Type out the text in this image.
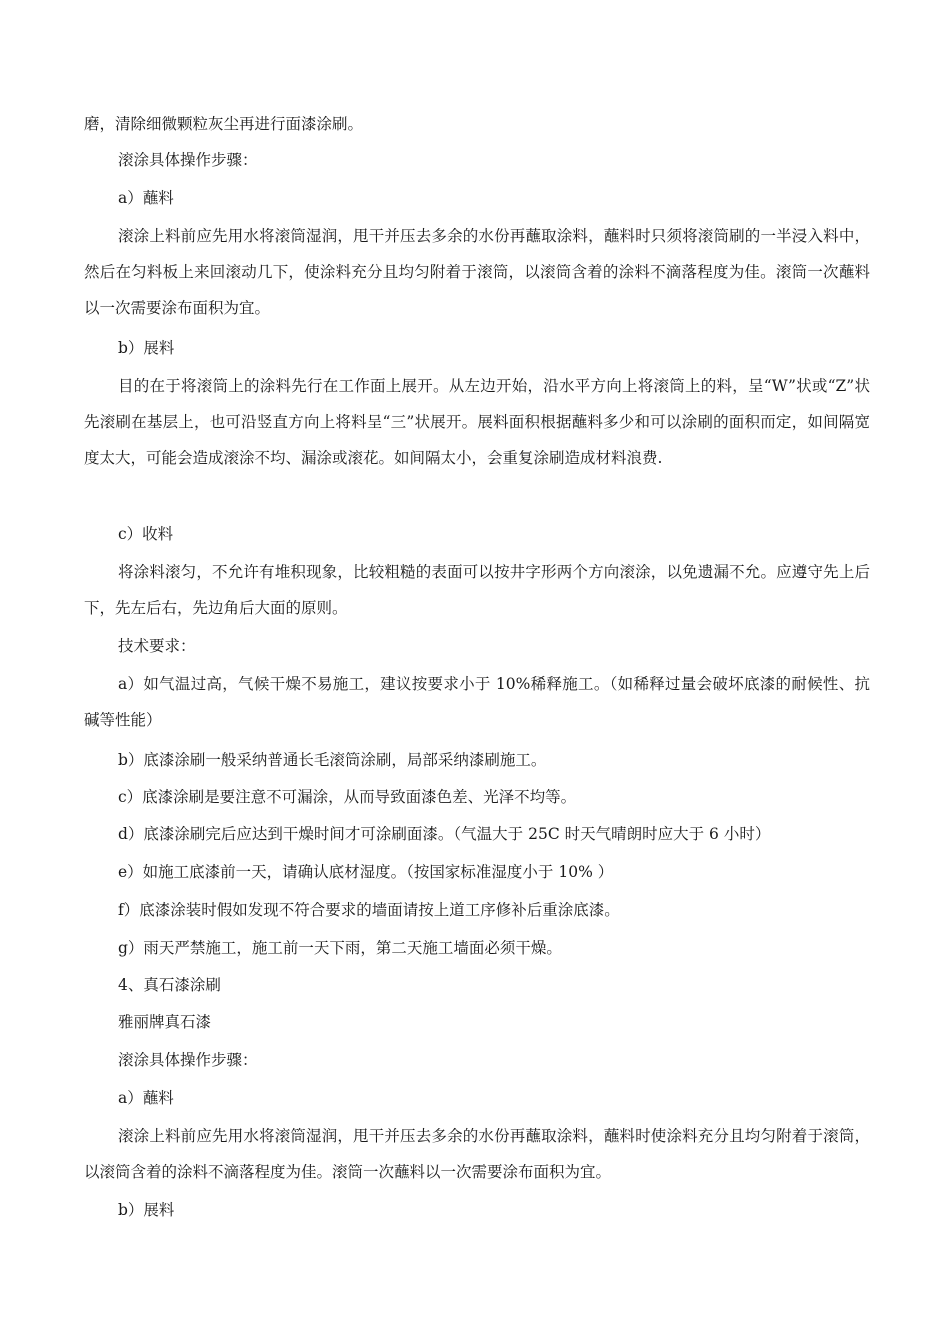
磨，清除细微颗粒灰尘再进行面漆涂刷。

滚涂具体操作步骤：

a）蘸料

滚涂上料前应先用水将滚筒湿润，甩干并压去多余的水份再蘸取涂料，蘸料时只须将滚筒刷的一半浸入料中，然后在匀料板上来回滚动几下，使涂料充分且均匀附着于滚筒，以滚筒含着的涂料不滴落程度为佳。滚筒一次蘸料以一次需要涂布面积为宜。

b）展料

目的在于将滚筒上的涂料先行在工作面上展开。从左边开始，沿水平方向上将滚筒上的料，呈“W”状或“Z”状先滚刷在基层上，也可沿竖直方向上将料呈“三”状展开。展料面积根据蘸料多少和可以涂刷的面积而定，如间隔宽度太大，可能会造成滚涂不均、漏涂或滚花。如间隔太小，会重复涂刷造成材料浪费.

c）收料

将涂料滚匀，不允许有堆积现象，比较粗糙的表面可以按井字形两个方向滚涂，以免遗漏不允。应遵守先上后下，先左后右，先边角后大面的原则。

技术要求：

a）如气温过高，气候干燥不易施工，建议按要求小于 10%稀释施工。（如稀释过量会破坏底漆的耐候性、抗碱等性能）

b）底漆涂刷一般采纳普通长毛滚筒涂刷，局部采纳漆刷施工。

c）底漆涂刷是要注意不可漏涂，从而导致面漆色差、光泽不均等。

d）底漆涂刷完后应达到干燥时间才可涂刷面漆。（气温大于 25C 时天气晴朗时应大于 6 小时）

e）如施工底漆前一天，请确认底材湿度。（按国家标准湿度小于 10% ）

f）底漆涂装时假如发现不符合要求的墙面请按上道工序修补后重涂底漆。

g）雨天严禁施工，施工前一天下雨，第二天施工墙面必须干燥。

4、真石漆涂刷

雅丽牌真石漆

滚涂具体操作步骤：

a）蘸料

滚涂上料前应先用水将滚筒湿润，甩干并压去多余的水份再蘸取涂料，蘸料时使涂料充分且均匀附着于滚筒，以滚筒含着的涂料不滴落程度为佳。滚筒一次蘸料以一次需要涂布面积为宜。

b）展料
